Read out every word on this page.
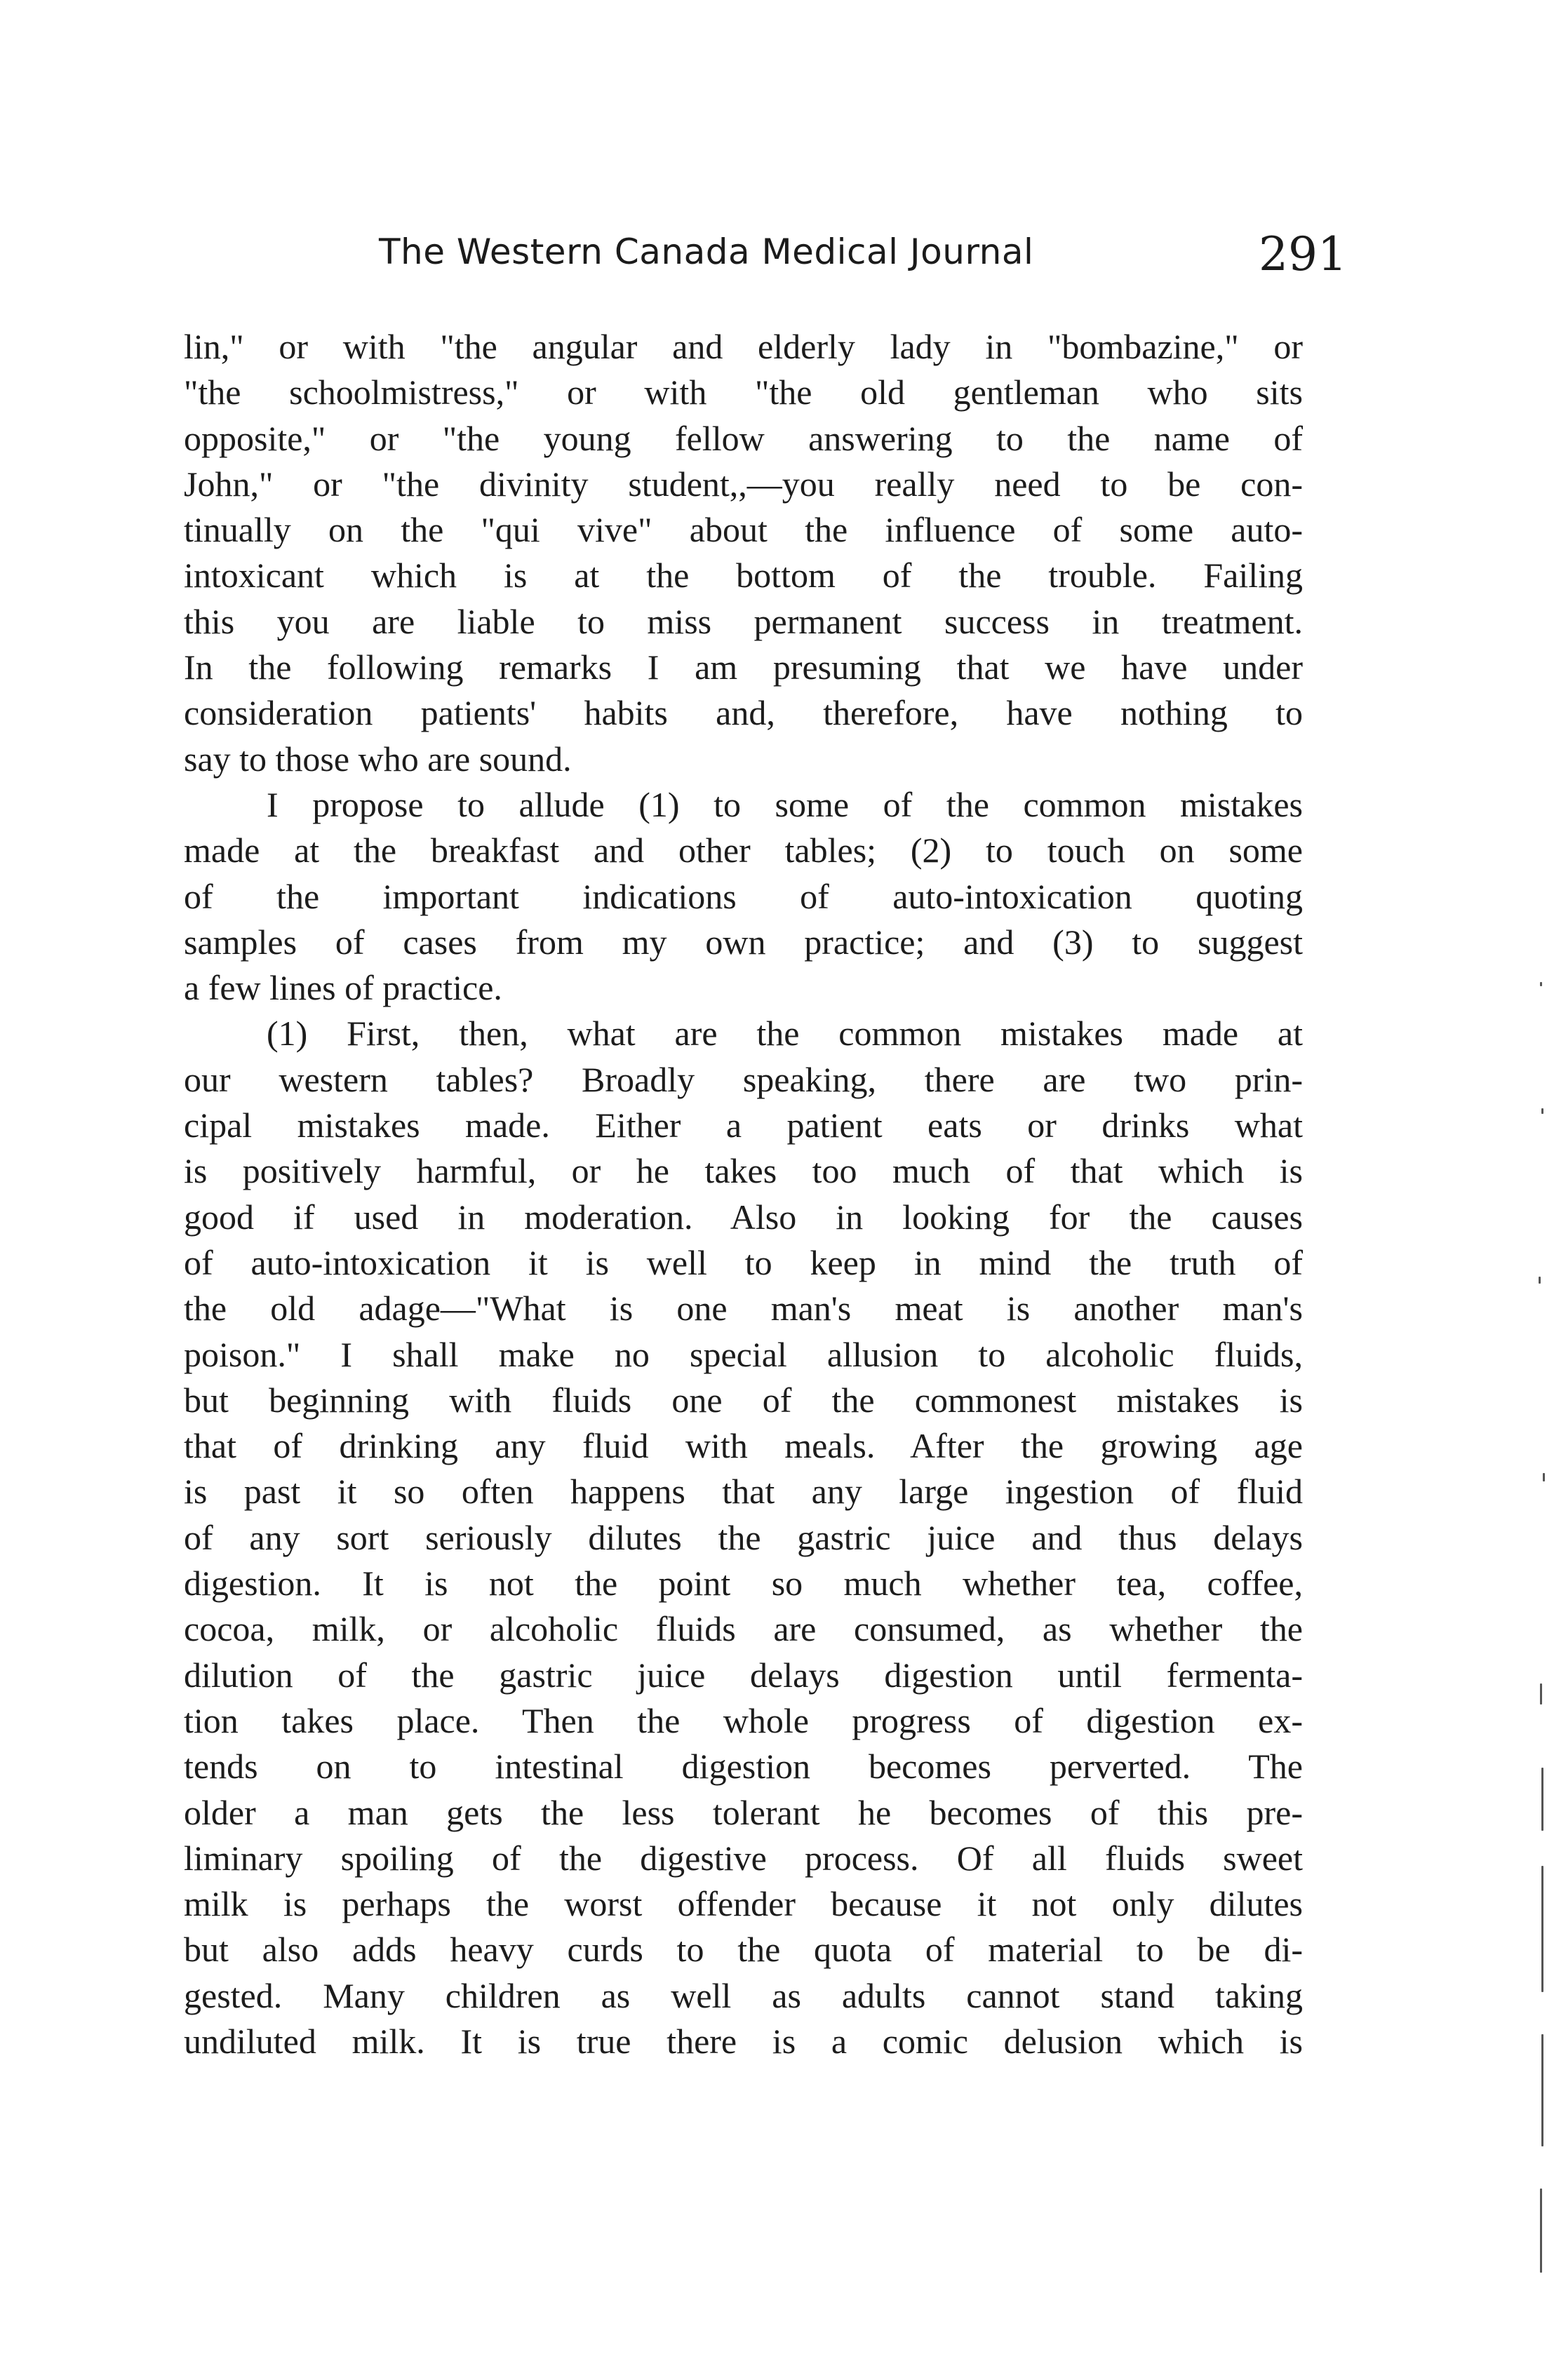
The Western Canada Medical Journal	291
lin," or with "the angular and elderly lady in "bombazine," or
"the schoolmistress," or with "the old gentleman who sits
opposite," or "the young fellow answering to the name of
John," or "the divinity student,,—you really need to be con-
tinually on the "qui vive" about the influence of some auto-
intoxicant which is at the bottom of the trouble. Failing
this you are liable to miss permanent success in treatment.
In the following remarks I am presuming that we have under
consideration patients' habits and, therefore, have nothing to
say to those who are sound.
I propose to allude (1) to some of the common mistakes
made at the breakfast and other tables; (2) to touch on some
of the important indications of auto-intoxication quoting
samples of cases from my own practice; and (3) to suggest
a few lines of practice.
(1) First, then, what are the common mistakes made at
our western tables? Broadly speaking, there are two prin-
cipal mistakes made. Either a patient eats or drinks what
is positively harmful, or he takes too much of that which is
good if used in moderation. Also in looking for the causes
of auto-intoxication it is well to keep in mind the truth of
the old adage—"What is one man's meat is another man's
poison." I shall make no special allusion to alcoholic fluids,
but beginning with fluids one of the commonest mistakes is
that of drinking any fluid with meals. After the growing age
is past it so often happens that any large ingestion of fluid
of any sort seriously dilutes the gastric juice and thus delays
digestion. It is not the point so much whether tea, coffee,
cocoa, milk, or alcoholic fluids are consumed, as whether the
dilution of the gastric juice delays digestion until fermenta-
tion takes place. Then the whole progress of digestion ex-
tends on to intestinal digestion becomes perverted. The
older a man gets the less tolerant he becomes of this pre-
liminary spoiling of the digestive process. Of all fluids sweet
milk is perhaps the worst offender because it not only dilutes
but also adds heavy curds to the quota of material to be di-
gested. Many children as well as adults cannot stand taking
undiluted milk. It is true there is a comic delusion which is
